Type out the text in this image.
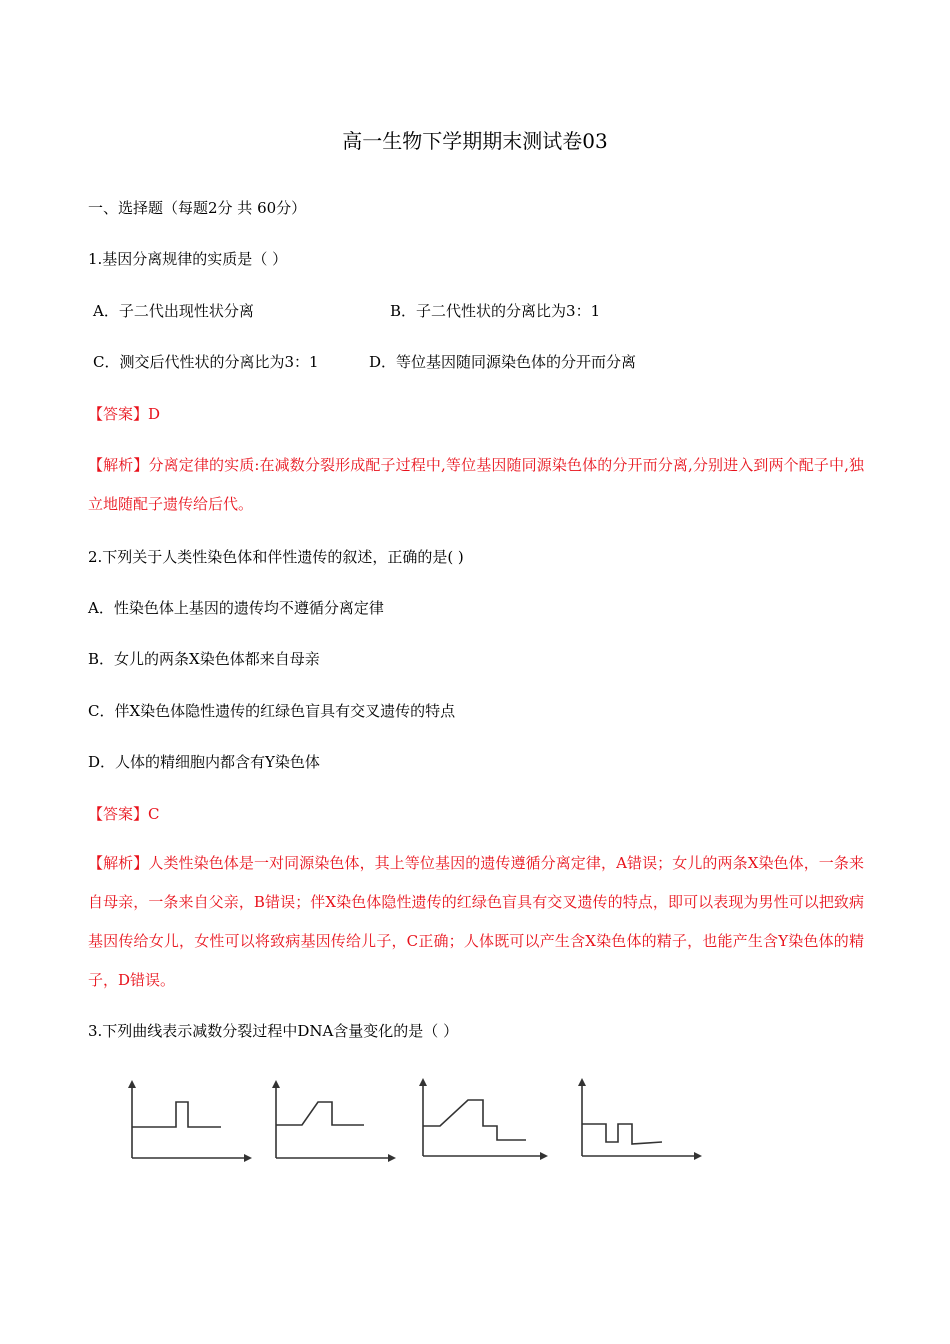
高一生物下学期期末测试卷03
一、选择题（每题2分 共 60分）
1.基因分离规律的实质是（ ）
A．子二代出现性状分离	B．子二代性状的分离比为3：1
C．测交后代性状的分离比为3：1	D．等位基因随同源染色体的分开而分离
【答案】D
【解析】分离定律的实质:在减数分裂形成配子过程中,等位基因随同源染色体的分开而分离,分别进入到两个配子中,独立地随配子遗传给后代。
2.下列关于人类性染色体和伴性遗传的叙述，正确的是( )
A．性染色体上基因的遗传均不遵循分离定律
B．女儿的两条X染色体都来自母亲
C．伴X染色体隐性遗传的红绿色盲具有交叉遗传的特点
D．人体的精细胞内都含有Y染色体
【答案】C
【解析】人类性染色体是一对同源染色体，其上等位基因的遗传遵循分离定律，A错误；女儿的两条X染色体，一条来自母亲，一条来自父亲，B错误；伴X染色体隐性遗传的红绿色盲具有交叉遗传的特点，即可以表现为男性可以把致病基因传给女儿，女性可以将致病基因传给儿子，C正确；人体既可以产生含X染色体的精子，也能产生含Y染色体的精子，D错误。
3.下列曲线表示减数分裂过程中DNA含量变化的是（ ）
